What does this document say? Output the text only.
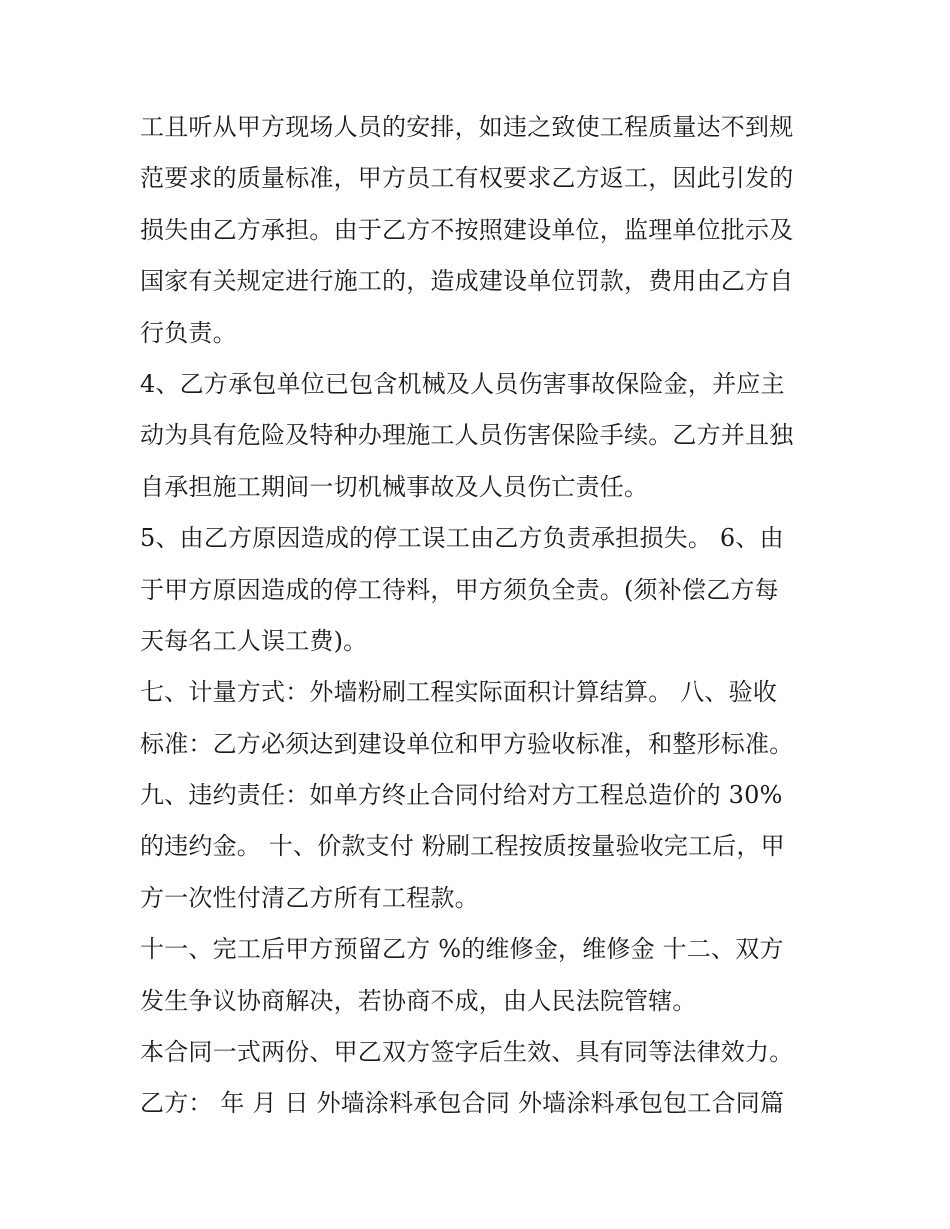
工且听从甲方现场人员的安排，如违之致使工程质量达不到规
范要求的质量标准，甲方员工有权要求乙方返工，因此引发的
损失由乙方承担。由于乙方不按照建设单位，监理单位批示及
国家有关规定进行施工的，造成建设单位罚款，费用由乙方自
行负责。
4、乙方承包单位已包含机械及人员伤害事故保险金，并应主
动为具有危险及特种办理施工人员伤害保险手续。乙方并且独
自承担施工期间一切机械事故及人员伤亡责任。
5、由乙方原因造成的停工误工由乙方负责承担损失。 6、由
于甲方原因造成的停工待料，甲方须负全责。(须补偿乙方每
天每名工人误工费)。
七、计量方式：外墙粉刷工程实际面积计算结算。 八、验收
标准：乙方必须达到建设单位和甲方验收标准，和整形标准。
九、违约责任：如单方终止合同付给对方工程总造价的 30%
的违约金。 十、价款支付 粉刷工程按质按量验收完工后，甲
方一次性付清乙方所有工程款。
十一、完工后甲方预留乙方 %的维修金，维修金 十二、双方
发生争议协商解决，若协商不成，由人民法院管辖。
本合同一式两份、甲乙双方签字后生效、具有同等法律效力。
乙方： 年 月 日 外墙涂料承包合同 外墙涂料承包包工合同篇
